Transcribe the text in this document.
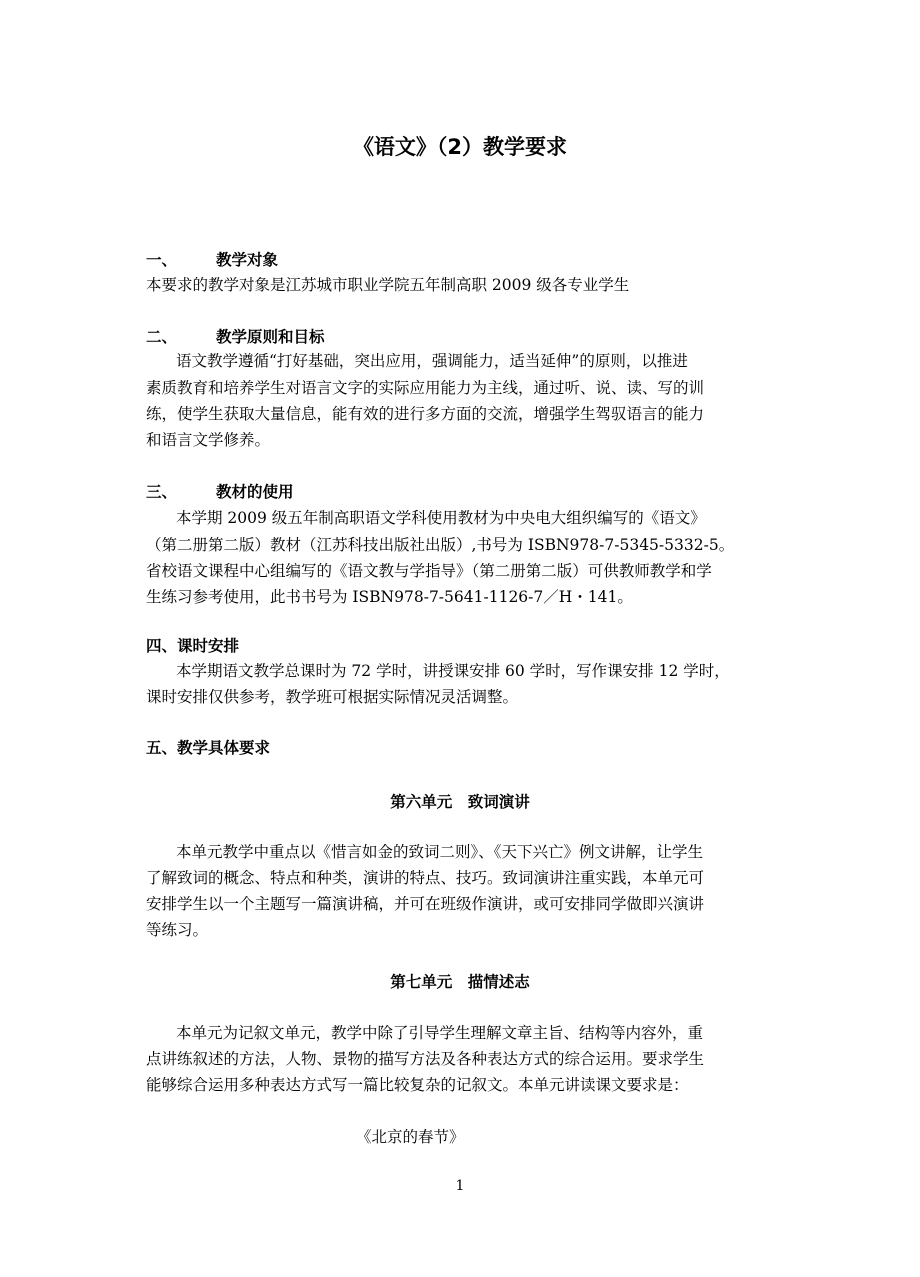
《语文》（2）教学要求
一、	教学对象
本要求的教学对象是江苏城市职业学院五年制高职 2009 级各专业学生
二、	教学原则和目标
语文教学遵循“打好基础，突出应用，强调能力，适当延伸”的原则，以推进
素质教育和培养学生对语言文字的实际应用能力为主线，通过听、说、读、写的训
练，使学生获取大量信息，能有效的进行多方面的交流，增强学生驾驭语言的能力
和语言文学修养。
三、	教材的使用
本学期 2009 级五年制高职语文学科使用教材为中央电大组织编写的《语文》
（第二册第二版）教材（江苏科技出版社出版）,书号为 ISBN978-7-5345-5332-5。
省校语文课程中心组编写的《语文教与学指导》（第二册第二版）可供教师教学和学
生练习参考使用，此书书号为 ISBN978-7-5641-1126-7／H・141。
四、课时安排
本学期语文教学总课时为 72 学时，讲授课安排 60 学时，写作课安排 12 学时，
课时安排仅供参考，教学班可根据实际情况灵活调整。
五、教学具体要求
第六单元　致词演讲
本单元教学中重点以《惜言如金的致词二则》、《天下兴亡》例文讲解，让学生
了解致词的概念、特点和种类，演讲的特点、技巧。致词演讲注重实践，本单元可
安排学生以一个主题写一篇演讲稿，并可在班级作演讲，或可安排同学做即兴演讲
等练习。
第七单元　描情述志
本单元为记叙文单元，教学中除了引导学生理解文章主旨、结构等内容外，重
点讲练叙述的方法，人物、景物的描写方法及各种表达方式的综合运用。要求学生
能够综合运用多种表达方式写一篇比较复杂的记叙文。本单元讲读课文要求是：
《北京的春节》
1
